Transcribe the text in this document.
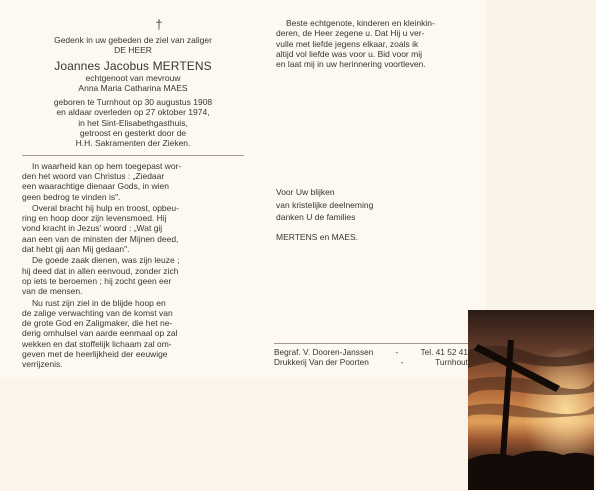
†
Gedenk in uw gebeden de ziel van zaliger
DE HEER
Joannes Jacobus MERTENS
echtgenoot van mevrouw
Anna Maria Catharina MAES
geboren te Turnhout op 30 augustus 1908
en aldaar overleden op 27 oktober 1974,
in het Sint-Elisabethgasthuis,
getroost en gesterkt door de
H.H. Sakramenten der Zieken.
In waarheid kan op hem toegepast wor-
den het woord van Christus : „Ziedaar
een waarachtige dienaar Gods, in wien
geen bedrog te vinden is".
Overal bracht hij hulp en troost, opbeu-
ring en hoop door zijn levensmoed. Hij
vond kracht in Jezus' woord : „Wat gij
aan een van de minsten der Mijnen deed,
dat hebt gij aan Mij gedaan".
De goede zaak dienen, was zijn leuze ;
hij deed dat in allen eenvoud, zonder zich
op iets te beroemen ; hij zocht geen eer
van de mensen.
Nu rust zijn ziel in de blijde hoop en
de zalige verwachting van de komst van
de grote God en Zaligmaker, die het ne-
derig omhulsel van aarde eenmaal op zal
wekken en dat stoffelijk lichaam zal om-
geven met de heerlijkheid der eeuwige
verrijzenis.
Beste echtgenote, kinderen en kleinkin-
deren, de Heer zegene u. Dat Hij u ver-
vulle met liefde jegens elkaar, zoals ik
altijd vol liefde was voor u. Bid voor mij
en laat mij in uw herinnering voortleven.
Voor Uw blijken
van kristelijke deelneming
danken U de families
MERTENS en MAES.
Begraf. V. Dooren-Janssen	-	Tel. 41 52 41
Drukkerij Van der Poorten	-	Turnhout
